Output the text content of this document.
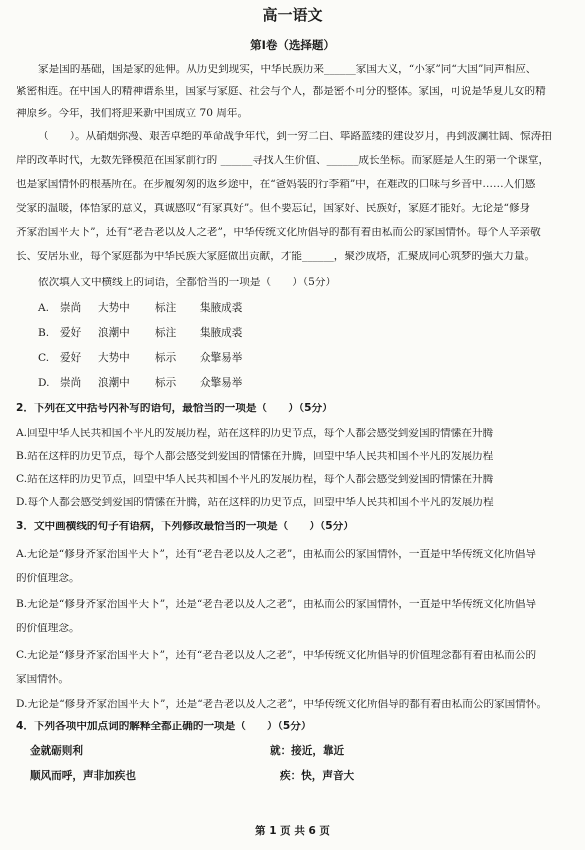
高一语文
第Ⅰ卷（选择题）
家是国的基础，国是家的延伸。从历史到现实，中华民族历来______家国大义，“小家”同“大国”同声相应、
紧密相连。在中国人的精神谱系里，国家与家庭、社会与个人，都是密不可分的整体。家国，可说是华夏儿女的精
神原乡。今年，我们将迎来新中国成立 70 周年。
（　　）。从硝烟弥漫、艰苦卓绝的革命战争年代，到一穷二白、筚路蓝缕的建设岁月，再到波澜壮阔、惊涛拍
岸的改革时代，无数先锋模范在国家前行的 ______寻找人生价值、______成长坐标。而家庭是人生的第一个课堂，
也是家国情怀的根基所在。在步履匆匆的返乡途中，在“爸妈装的行李箱”中，在难改的口味与乡音中……人们感
受家的温暖，体悟家的意义，真诚感叹“有家真好”。但不要忘记，国家好、民族好，家庭才能好。无论是“修身
齐家治国平天下”，还有“老吾老以及人之老”，中华传统文化所倡导的都有着由私而公的家国情怀。每个人辛亲敬
长、安居乐业，每个家庭都为中华民族大家庭做出贡献，才能______，聚沙成塔，汇聚成同心筑梦的强大力量。
依次填入文中横线上的词语，全都恰当的一项是（　　）（5分）
A. 崇尚 大势中 标注 集腋成裘
B. 爱好 浪潮中 标注 集腋成裘
C. 爱好 大势中 标示 众擎易举
D. 崇尚 浪潮中 标示 众擎易举
2．下列在文中括号内补写的语句，最恰当的一项是（　　）（5分）
A.回望中华人民共和国不平凡的发展历程，站在这样的历史节点，每个人都会感受到爱国的情愫在升腾
B.站在这样的历史节点，每个人都会感受到爱国的情愫在升腾，回望中华人民共和国不平凡的发展历程
C.站在这样的历史节点，回望中华人民共和国不平凡的发展历程，每个人都会感受到爱国的情愫在升腾
D.每个人都会感受到爱国的情愫在升腾，站在这样的历史节点，回望中华人民共和国不平凡的发展历程
3．文中画横线的句子有语病，下列修改最恰当的一项是（　　）（5分）
A.无论是“修身齐家治国平天下”，还有“老吾老以及人之老”，由私而公的家国情怀，一直是中华传统文化所倡导
的价值理念。
B.无论是“修身齐家治国平天下”，还是“老吾老以及人之老”，由私而公的家国情怀，一直是中华传统文化所倡导
的价值理念。
C.无论是“修身齐家治国平天下”，还有“老吾老以及人之老”，中华传统文化所倡导的价值理念都有着由私而公的
家国情怀。
D.无论是“修身齐家治国平天下”，还是“老吾老以及人之老”，中华传统文化所倡导的都有着由私而公的家国情怀。
4．下列各项中加点词的解释全都正确的一项是（　　）（5分）
金就砺则利	就：接近，靠近
顺风而呼，声非加疾也	疾：快，声音大
第 1 页 共 6 页
